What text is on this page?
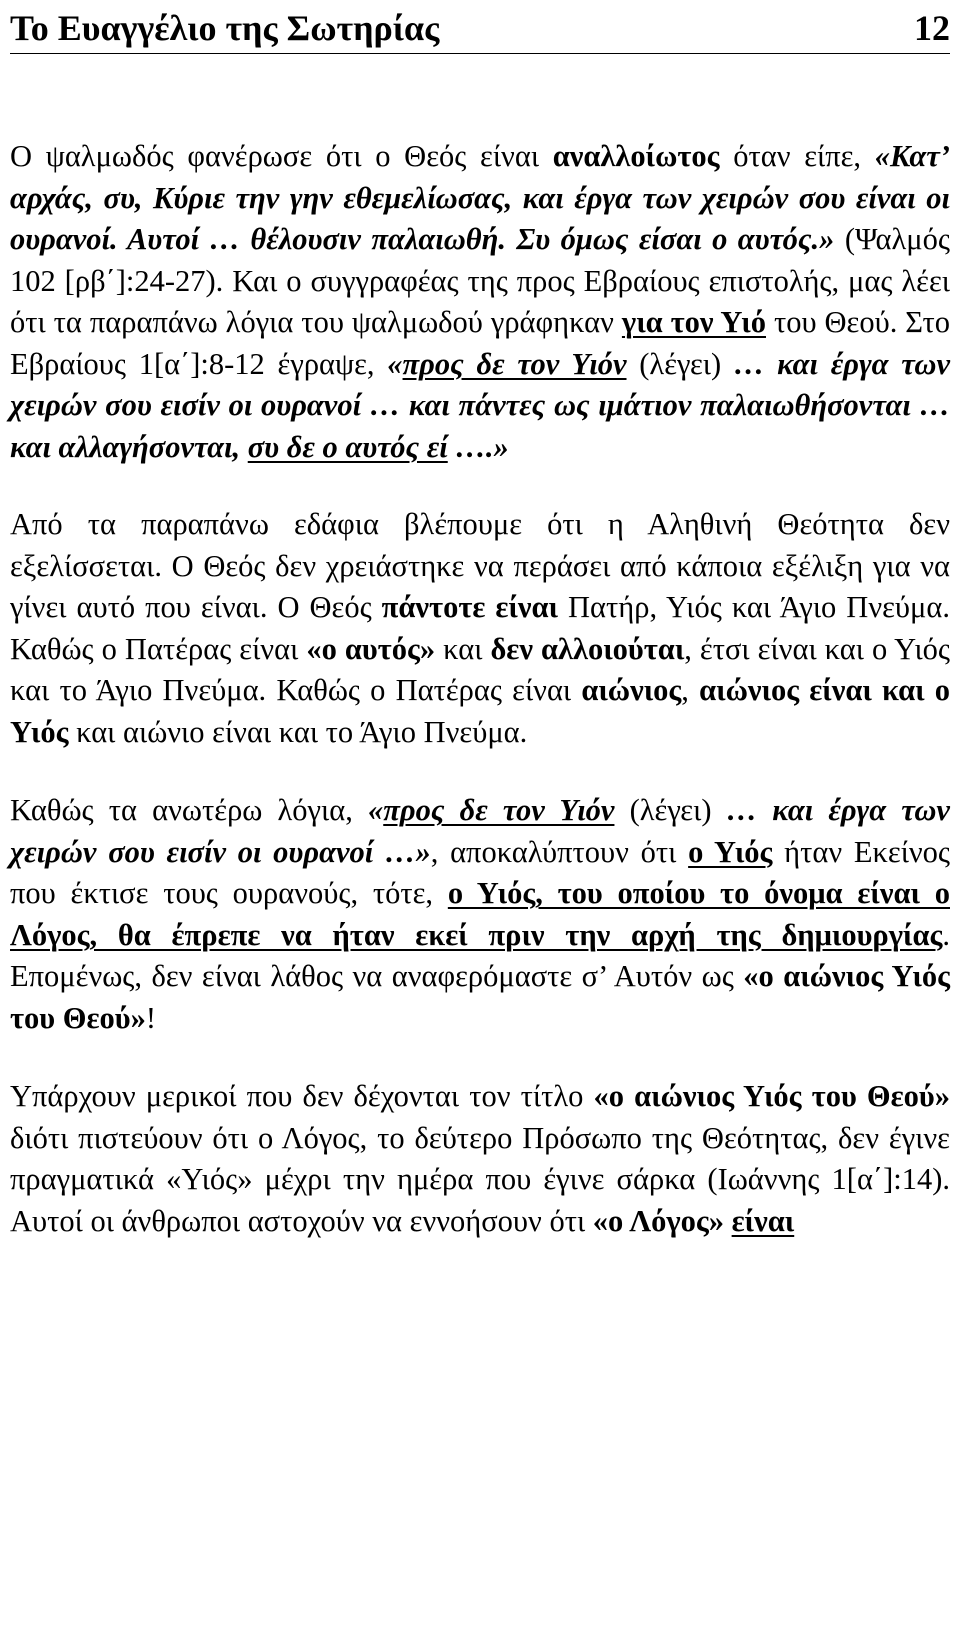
Το Ευαγγέλιο της Σωτηρίας	12

Ο ψαλμωδός φανέρωσε ότι ο Θεός είναι αναλλοίωτος όταν είπε, «Κατ’ αρχάς, συ, Κύριε την γην εθεμελίωσας, και έργα των χειρών σου είναι οι ουρανοί. Αυτοί … θέλουσιν παλαιωθή. Συ όμως είσαι ο αυτός.» (Ψαλμός 102 [ρβ΄]:24-27). Και ο συγγραφέας της προς Εβραίους επιστολής, μας λέει ότι τα παραπάνω λόγια του ψαλμωδού γράφηκαν για τον Υιό του Θεού. Στο Εβραίους 1[α΄]:8-12 έγραψε, «προς δε τον Υιόν (λέγει) … και έργα των χειρών σου εισίν οι ουρανοί … και πάντες ως ιμάτιον παλαιωθήσονται … και αλλαγήσονται, συ δε ο αυτός εί ….»

Από τα παραπάνω εδάφια βλέπουμε ότι η Αληθινή Θεότητα δεν εξελίσσεται. Ο Θεός δεν χρειάστηκε να περάσει από κάποια εξέλιξη για να γίνει αυτό που είναι. Ο Θεός πάντοτε είναι Πατήρ, Υιός και Άγιο Πνεύμα. Καθώς ο Πατέρας είναι «ο αυτός» και δεν αλλοιούται, έτσι είναι και ο Υιός και το Άγιο Πνεύμα. Καθώς ο Πατέρας είναι αιώνιος, αιώνιος είναι και ο Υιός και αιώνιο είναι και το Άγιο Πνεύμα.

Καθώς τα ανωτέρω λόγια, «προς δε τον Υιόν (λέγει) … και έργα των χειρών σου εισίν οι ουρανοί …», αποκαλύπτουν ότι ο Υιός ήταν Εκείνος που έκτισε τους ουρανούς, τότε, ο Υιός, του οποίου το όνομα είναι ο Λόγος, θα έπρεπε να ήταν εκεί πριν την αρχή της δημιουργίας. Επομένως, δεν είναι λάθος να αναφερόμαστε σ’ Αυτόν ως «ο αιώνιος Υιός του Θεού»!

Υπάρχουν μερικοί που δεν δέχονται τον τίτλο «ο αιώνιος Υιός του Θεού» διότι πιστεύουν ότι ο Λόγος, το δεύτερο Πρόσωπο της Θεότητας, δεν έγινε πραγματικά «Υιός» μέχρι την ημέρα που έγινε σάρκα (Ιωάννης 1[α΄]:14). Αυτοί οι άνθρωποι αστοχούν να εννοήσουν ότι «ο Λόγος» είναι
